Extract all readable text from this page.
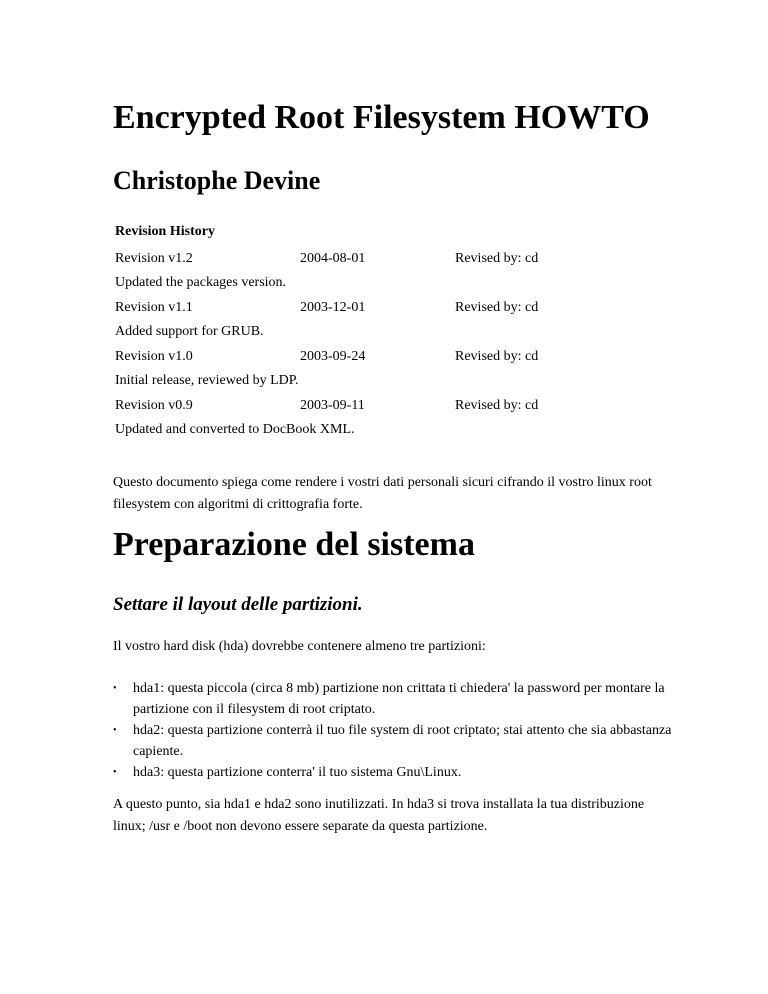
Encrypted Root Filesystem HOWTO
Christophe Devine
Revision History
Revision v1.2	2004-08-01	Revised by: cd
Updated the packages version.
Revision v1.1	2003-12-01	Revised by: cd
Added support for GRUB.
Revision v1.0	2003-09-24	Revised by: cd
Initial release, reviewed by LDP.
Revision v0.9	2003-09-11	Revised by: cd
Updated and converted to DocBook XML.

Questo documento spiega come rendere i vostri dati personali sicuri cifrando il vostro linux root filesystem con algoritmi di crittografia forte.

Preparazione del sistema
Settare il layout delle partizioni.

Il vostro hard disk (hda) dovrebbe contenere almeno tre partizioni:

• hda1: questa piccola (circa 8 mb) partizione non crittata ti chiedera' la password per montare la partizione con il filesystem di root criptato.
• hda2: questa partizione conterrà il tuo file system di root criptato; stai attento che sia abbastanza capiente.
• hda3: questa partizione conterra' il tuo sistema Gnu\Linux.

A questo punto, sia hda1 e hda2 sono inutilizzati. In hda3 si trova installata la tua distribuzione linux; /usr e /boot non devono essere separate da questa partizione.
